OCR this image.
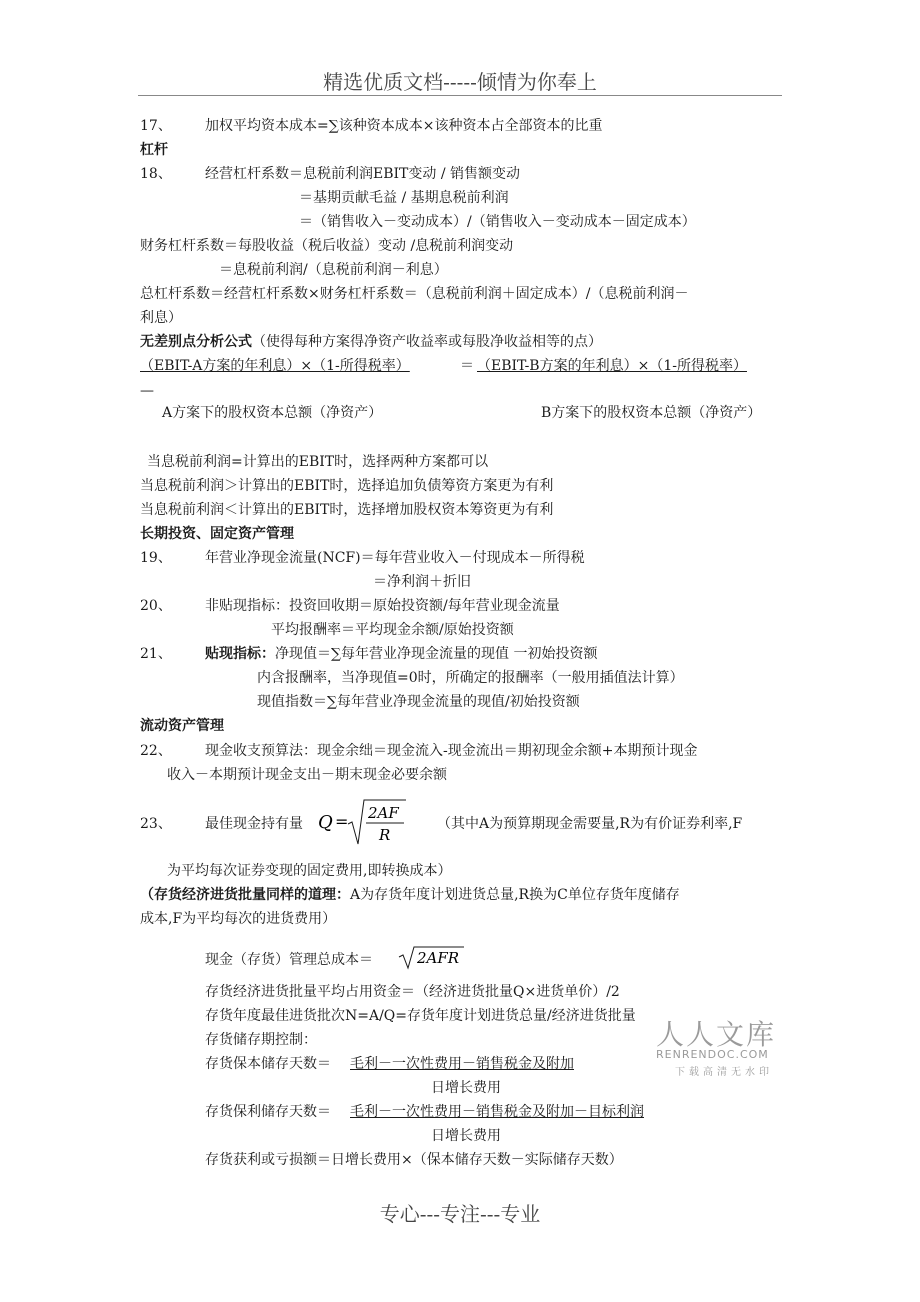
精选优质文档-----倾情为你奉上
17、 加权平均资本成本=∑该种资本成本×该种资本占全部资本的比重
杠杆
18、 经营杠杆系数＝息税前利润EBIT变动 / 销售额变动
＝基期贡献毛益 / 基期息税前利润
＝（销售收入－变动成本）/（销售收入－变动成本－固定成本）
财务杠杆系数＝每股收益（税后收益）变动 /息税前利润变动
＝息税前利润/（息税前利润－利息）
总杠杆系数＝经营杠杆系数×财务杠杆系数＝（息税前利润＋固定成本）/（息税前利润－
利息）
无差别点分析公式（使得每种方案得净资产收益率或每股净收益相等的点）
（EBIT-A方案的年利息）×（1-所得税率）	＝ （EBIT-B方案的年利息）×（1-所得税率）
—
A方案下的股权资本总额（净资产）	B方案下的股权资本总额（净资产）
当息税前利润=计算出的EBIT时，选择两种方案都可以
当息税前利润＞计算出的EBIT时，选择追加负债筹资方案更为有利
当息税前利润＜计算出的EBIT时，选择增加股权资本筹资更为有利
长期投资、固定资产管理
19、 年营业净现金流量(NCF)＝每年营业收入－付现成本－所得税
＝净利润＋折旧
20、 非贴现指标：投资回收期＝原始投资额/每年营业现金流量
平均报酬率＝平均现金余额/原始投资额
21、 贴现指标：净现值＝∑每年营业净现金流量的现值 一初始投资额
内含报酬率，当净现值=0时，所确定的报酬率（一般用插值法计算）
现值指数＝∑每年营业净现金流量的现值/初始投资额
流动资产管理
22、 现金收支预算法：现金余绌＝现金流入-现金流出＝期初现金余额+本期预计现金
收入－本期预计现金支出－期末现金必要余额
23、 最佳现金持有量 Q = 2AF
R
（其中A为预算期现金需要量,R为有价证券利率,F
为平均每次证券变现的固定费用,即转换成本）
（存货经济进货批量同样的道理：A为存货年度计划进货总量,R换为C单位存货年度储存
成本,F为平均每次的进货费用）
现金（存货）管理总成本＝	2AFR
存货经济进货批量平均占用资金＝（经济进货批量Q×进货单价）/2
存货年度最佳进货批次N=A/Q=存货年度计划进货总量/经济进货批量
存货储存期控制：
存货保本储存天数＝ 毛利－一次性费用－销售税金及附加
日增长费用
存货保利储存天数＝ 毛利－一次性费用－销售税金及附加－目标利润
日增长费用
存货获利或亏损额＝日增长费用×（保本储存天数－实际储存天数）
人人文库
RENRENDOC.COM
下载高清无水印
专心---专注---专业
